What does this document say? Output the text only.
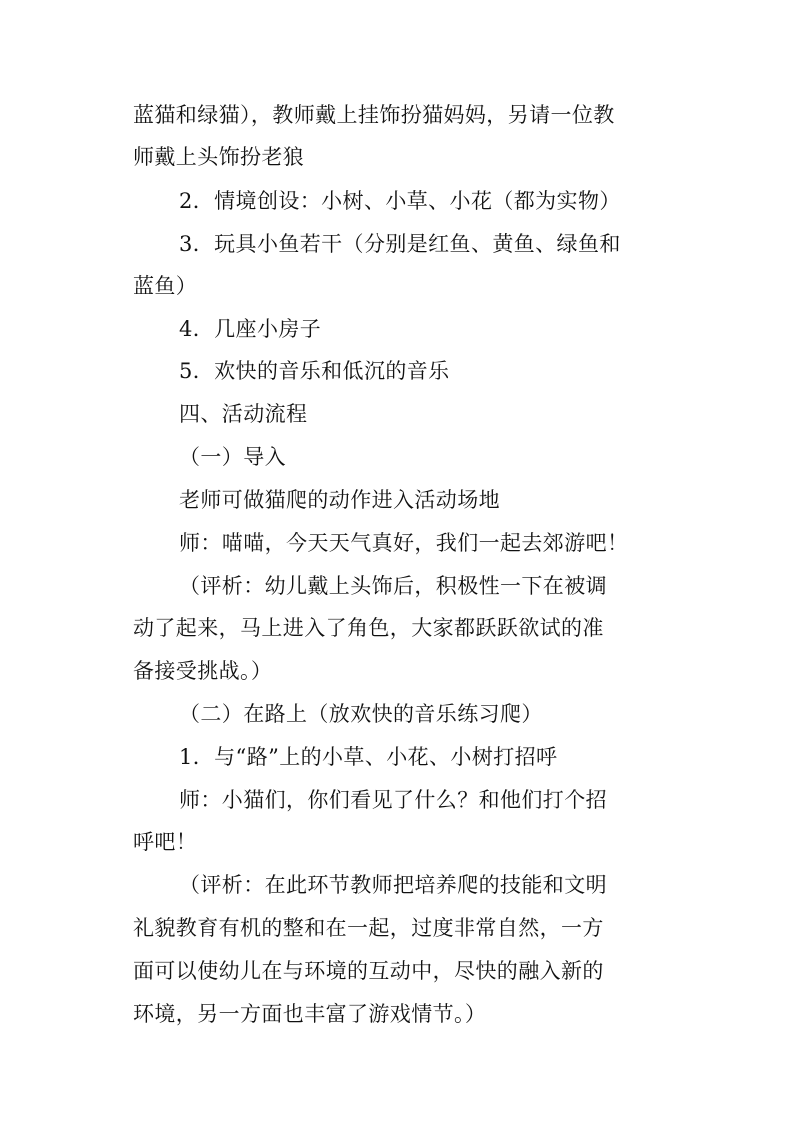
蓝猫和绿猫），教师戴上挂饰扮猫妈妈，另请一位教
师戴上头饰扮老狼
2．情境创设：小树、小草、小花（都为实物）
3．玩具小鱼若干（分别是红鱼、黄鱼、绿鱼和
蓝鱼）
4．几座小房子
5．欢快的音乐和低沉的音乐
四、活动流程
（一）导入
老师可做猫爬的动作进入活动场地
师：喵喵，今天天气真好，我们一起去郊游吧！
（评析：幼儿戴上头饰后，积极性一下在被调
动了起来，马上进入了角色，大家都跃跃欲试的准
备接受挑战。）
（二）在路上（放欢快的音乐练习爬）
1．与“路”上的小草、小花、小树打招呼
师：小猫们，你们看见了什么？和他们打个招
呼吧！
（评析：在此环节教师把培养爬的技能和文明
礼貌教育有机的整和在一起，过度非常自然，一方
面可以使幼儿在与环境的互动中，尽快的融入新的
环境，另一方面也丰富了游戏情节。）
